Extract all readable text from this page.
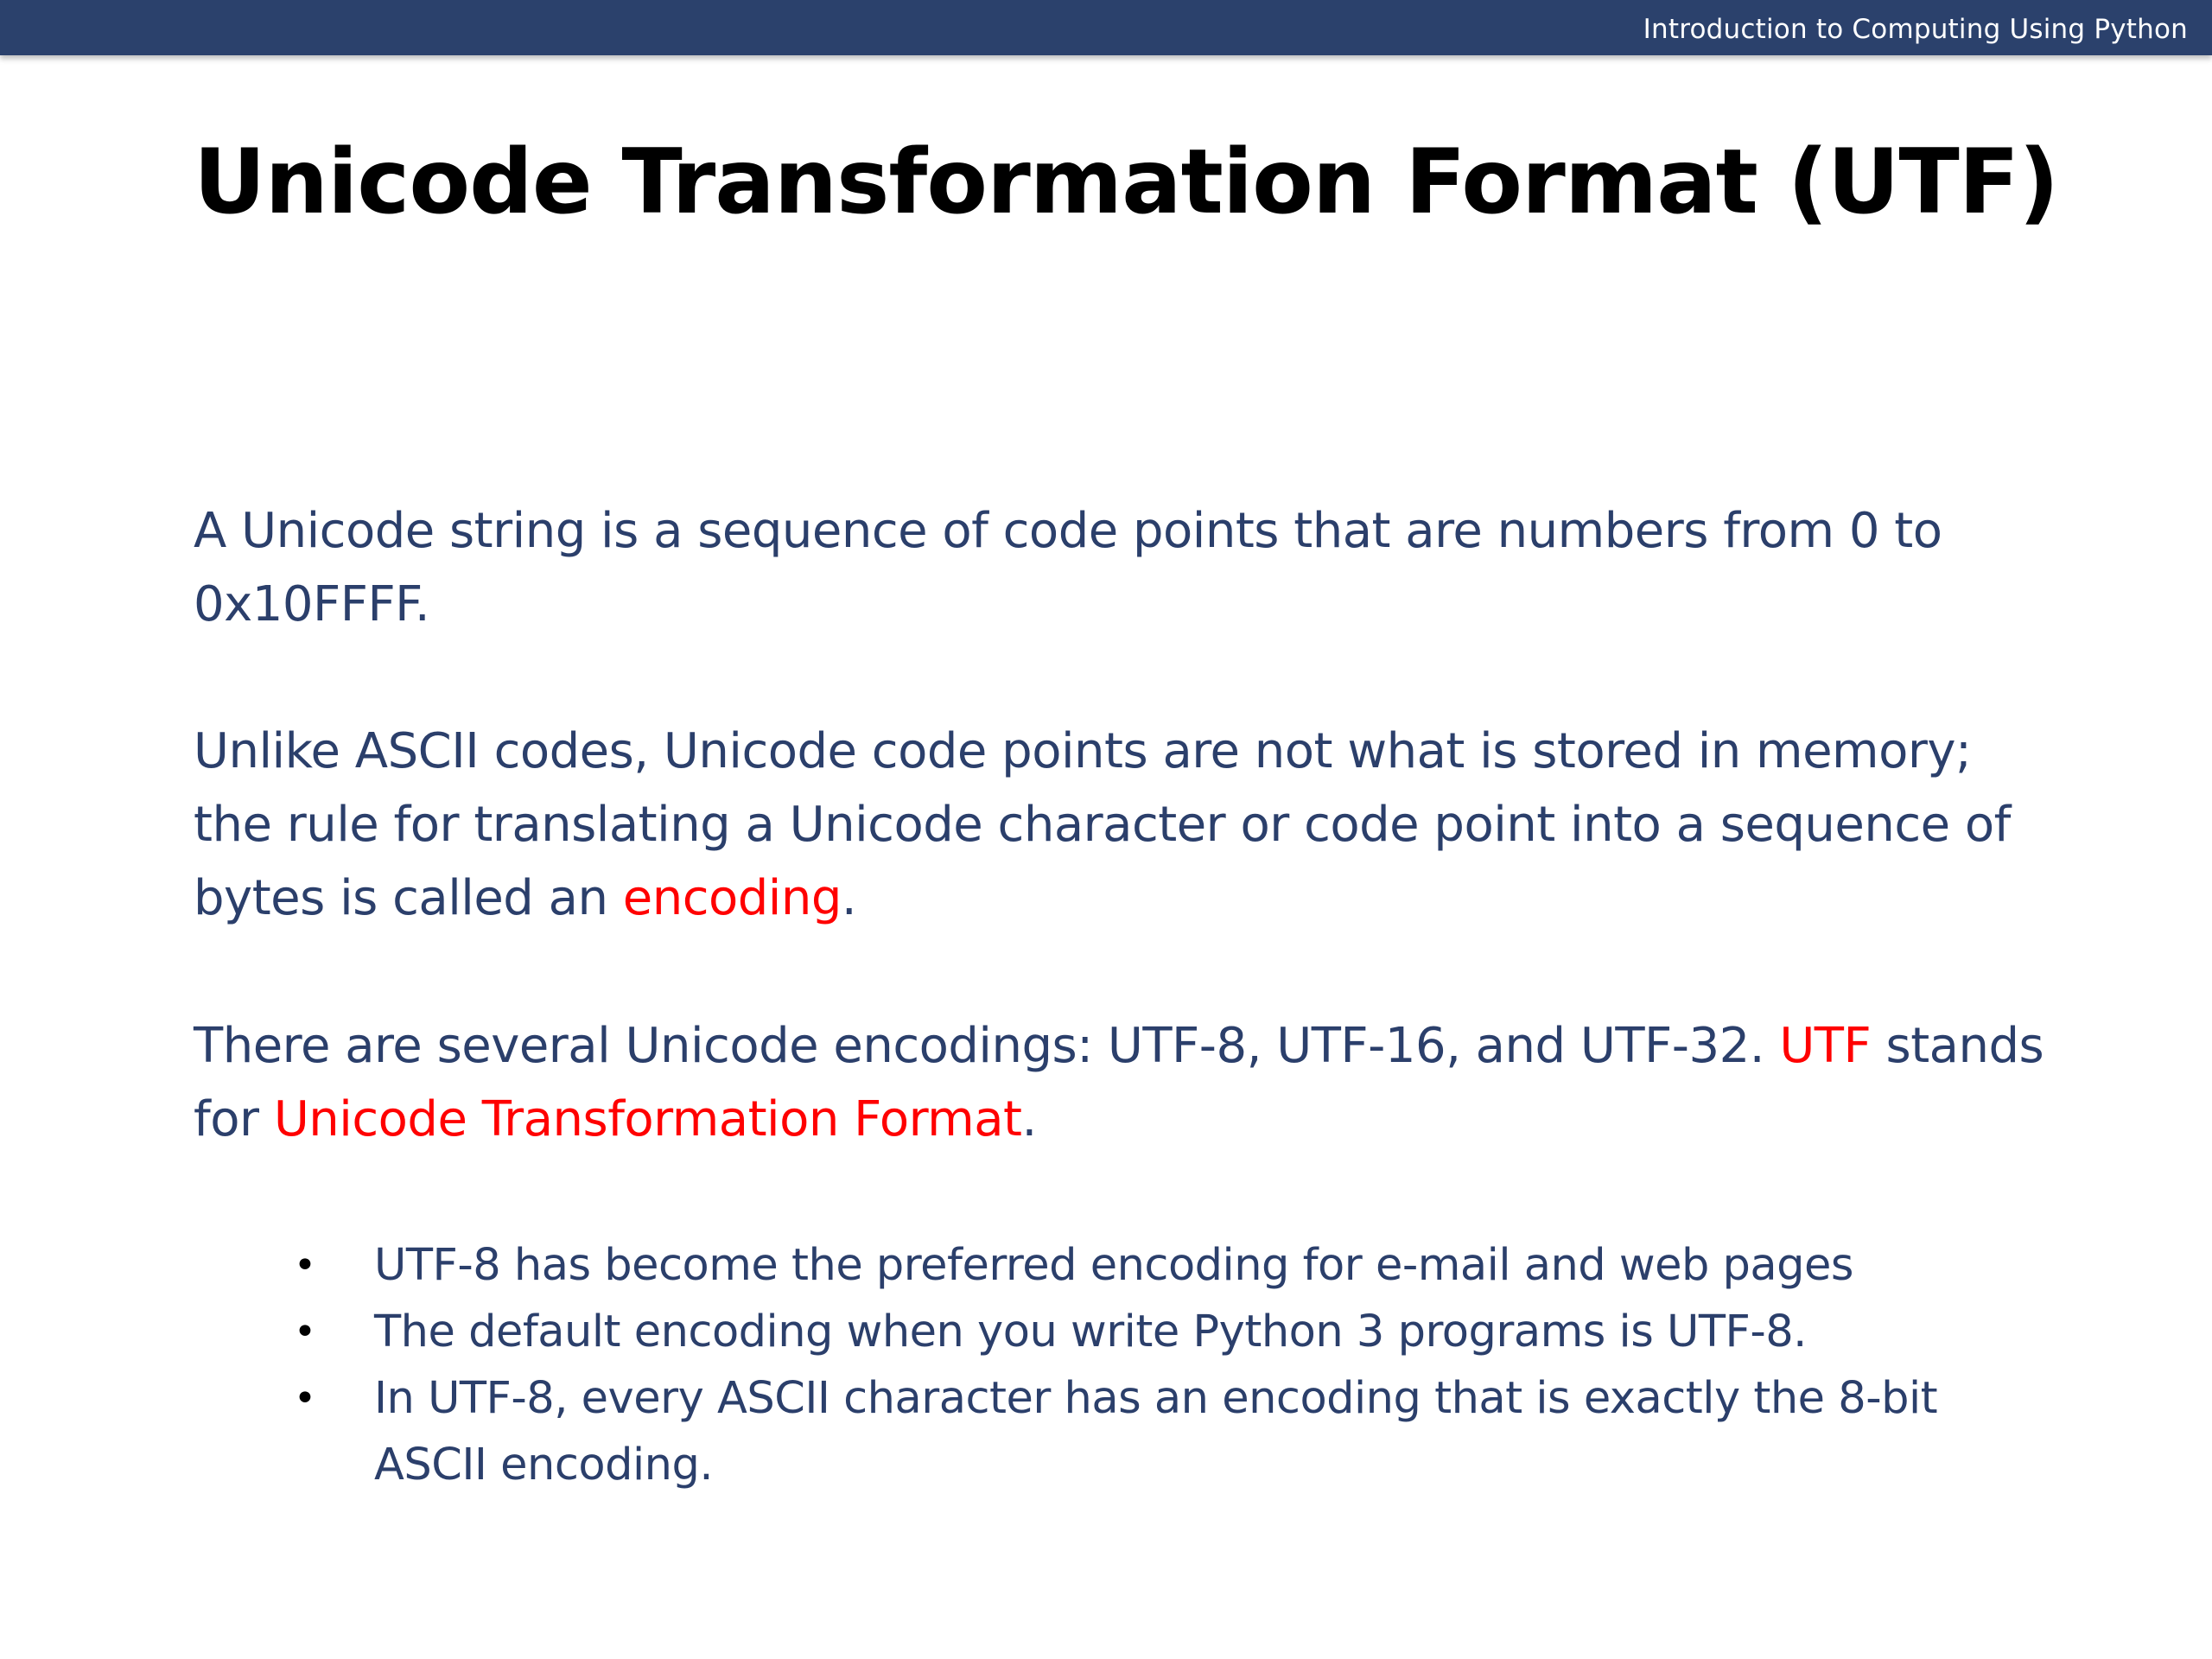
Introduction to Computing Using Python
Unicode Transformation Format (UTF)

A Unicode string is a sequence of code points that are numbers from 0 to 0x10FFFF.

Unlike ASCII codes, Unicode code points are not what is stored in memory; the rule for translating a Unicode character or code point into a sequence of bytes is called an encoding.

There are several Unicode encodings: UTF-8, UTF-16, and UTF-32. UTF stands for Unicode Transformation Format.

• UTF-8 has become the preferred encoding for e-mail and web pages
• The default encoding when you write Python 3 programs is UTF-8.
• In UTF-8, every ASCII character has an encoding that is exactly the 8-bit ASCII encoding.
